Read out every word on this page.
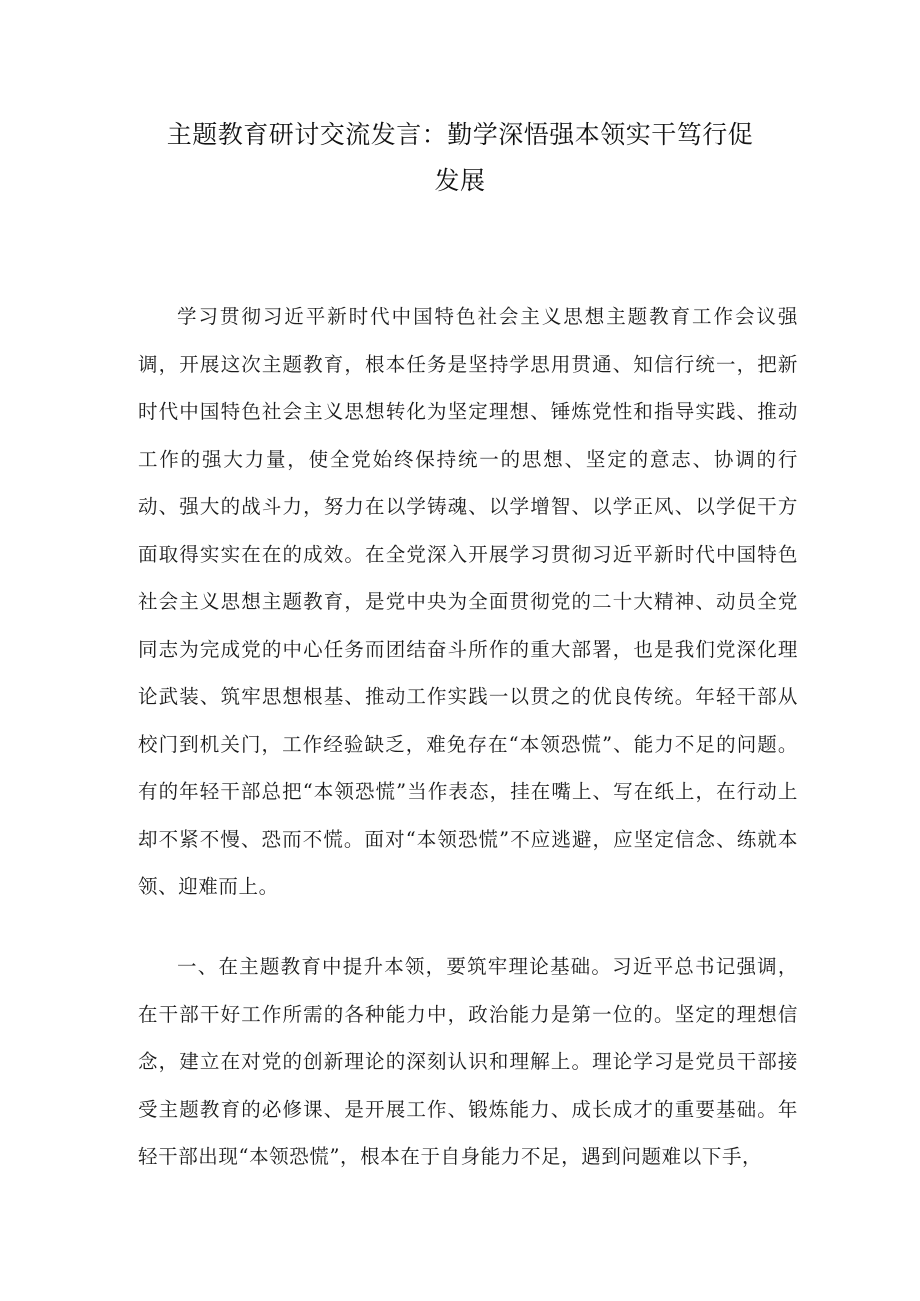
主题教育研讨交流发言：勤学深悟强本领实干笃行促
发展

学习贯彻习近平新时代中国特色社会主义思想主题教育工作会议强调，开展这次主题教育，根本任务是坚持学思用贯通、知信行统一，把新时代中国特色社会主义思想转化为坚定理想、锤炼党性和指导实践、推动工作的强大力量，使全党始终保持统一的思想、坚定的意志、协调的行动、强大的战斗力，努力在以学铸魂、以学增智、以学正风、以学促干方面取得实实在在的成效。在全党深入开展学习贯彻习近平新时代中国特色社会主义思想主题教育，是党中央为全面贯彻党的二十大精神、动员全党同志为完成党的中心任务而团结奋斗所作的重大部署，也是我们党深化理论武装、筑牢思想根基、推动工作实践一以贯之的优良传统。年轻干部从校门到机关门，工作经验缺乏，难免存在“本领恐慌”、能力不足的问题。有的年轻干部总把“本领恐慌”当作表态，挂在嘴上、写在纸上，在行动上却不紧不慢、恐而不慌。面对“本领恐慌”不应逃避，应坚定信念、练就本领、迎难而上。

一、在主题教育中提升本领，要筑牢理论基础。习近平总书记强调，在干部干好工作所需的各种能力中，政治能力是第一位的。坚定的理想信念，建立在对党的创新理论的深刻认识和理解上。理论学习是党员干部接受主题教育的必修课、是开展工作、锻炼能力、成长成才的重要基础。年轻干部出现“本领恐慌”，根本在于自身能力不足，遇到问题难以下手，
